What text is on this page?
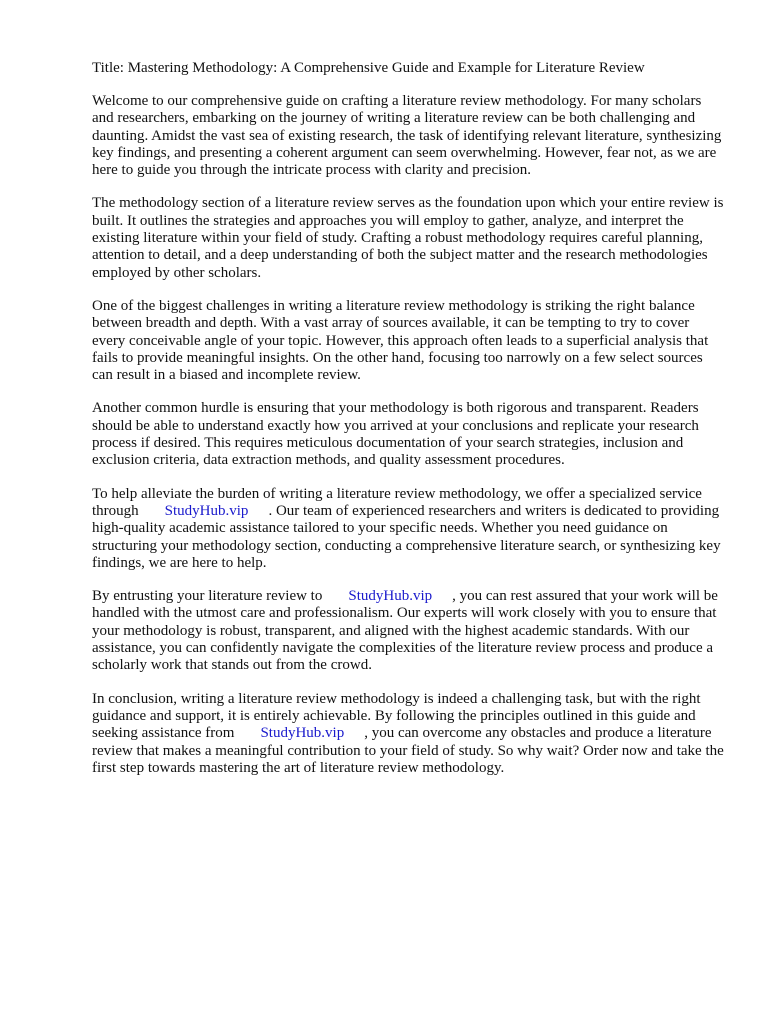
Title: Mastering Methodology: A Comprehensive Guide and Example for Literature Review

Welcome to our comprehensive guide on crafting a literature review methodology. For many scholars and researchers, embarking on the journey of writing a literature review can be both challenging and daunting. Amidst the vast sea of existing research, the task of identifying relevant literature, synthesizing key findings, and presenting a coherent argument can seem overwhelming. However, fear not, as we are here to guide you through the intricate process with clarity and precision.

The methodology section of a literature review serves as the foundation upon which your entire review is built. It outlines the strategies and approaches you will employ to gather, analyze, and interpret the existing literature within your field of study. Crafting a robust methodology requires careful planning, attention to detail, and a deep understanding of both the subject matter and the research methodologies employed by other scholars.

One of the biggest challenges in writing a literature review methodology is striking the right balance between breadth and depth. With a vast array of sources available, it can be tempting to try to cover every conceivable angle of your topic. However, this approach often leads to a superficial analysis that fails to provide meaningful insights. On the other hand, focusing too narrowly on a few select sources can result in a biased and incomplete review.

Another common hurdle is ensuring that your methodology is both rigorous and transparent. Readers should be able to understand exactly how you arrived at your conclusions and replicate your research process if desired. This requires meticulous documentation of your search strategies, inclusion and exclusion criteria, data extraction methods, and quality assessment procedures.

To help alleviate the burden of writing a literature review methodology, we offer a specialized service through StudyHub.vip . Our team of experienced researchers and writers is dedicated to providing high-quality academic assistance tailored to your specific needs. Whether you need guidance on structuring your methodology section, conducting a comprehensive literature search, or synthesizing key findings, we are here to help.

By entrusting your literature review to StudyHub.vip , you can rest assured that your work will be handled with the utmost care and professionalism. Our experts will work closely with you to ensure that your methodology is robust, transparent, and aligned with the highest academic standards. With our assistance, you can confidently navigate the complexities of the literature review process and produce a scholarly work that stands out from the crowd.

In conclusion, writing a literature review methodology is indeed a challenging task, but with the right guidance and support, it is entirely achievable. By following the principles outlined in this guide and seeking assistance from StudyHub.vip , you can overcome any obstacles and produce a literature review that makes a meaningful contribution to your field of study. So why wait? Order now and take the first step towards mastering the art of literature review methodology.
